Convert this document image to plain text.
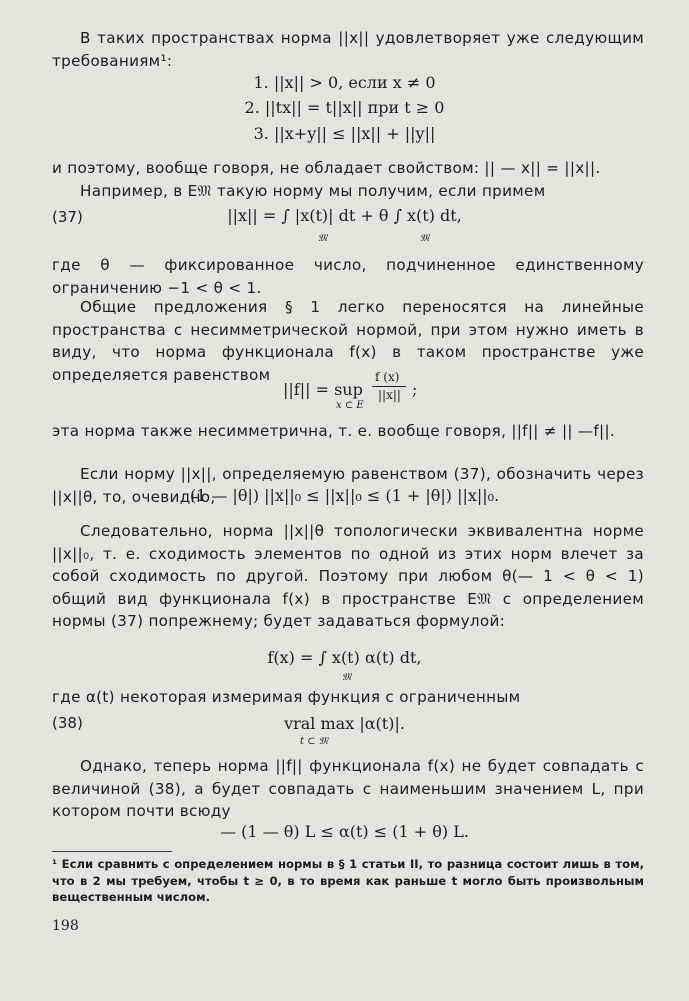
В таких пространствах норма ||x|| удовлетворяет уже следующим требованиям¹:

1. ||x|| > 0, если x ≠ 0
2. ||tx|| = t||x|| при t ≥ 0
3. ||x+y|| ≤ ||x|| + ||y||

и поэтому, вообще говоря, не обладает свойством: || — x|| = ||x||.

Например, в E𝔐 такую норму мы получим, если примем

(37)	||x|| = ∫ |x(t)| dt + θ ∫ x(t) dt,
𝔐	𝔐

где θ — фиксированное число, подчиненное единственному ограничению −1 < θ < 1.

Общие предложения § 1 легко переносятся на линейные пространства с несимметрической нормой, при этом нужно иметь в виду, что норма функционала f(x) в таком пространстве уже определяется равенством

||f|| = sup
x ⊂ E
f (x)
||x|| ;

эта норма также несимметрична, т. е. вообще говоря, ||f|| ≠ || —f||.

Если норму ||x||, определяемую равенством (37), обозначить через ||x||θ, то, очевидно,

(1 — |θ|) ||x||₀ ≤ ||x||₀ ≤ (1 + |θ|) ||x||₀.

Следовательно, норма ||x||θ топологически эквивалентна норме ||x||₀, т. е. сходимость элементов по одной из этих норм влечет за собой сходимость по другой. Поэтому при любом θ(— 1 < θ < 1) общий вид функционала f(x) в пространстве E𝔐 с определением нормы (37) попрежнему; будет задаваться формулой:

f(x) = ∫ x(t) α(t) dt,
𝔐

где α(t) некоторая измеримая функция с ограниченным

(38)	vral max |α(t)|.
t ⊂ 𝔐

Однако, теперь норма ||f|| функционала f(x) не будет совпадать с величиной (38), а будет совпадать с наименьшим значением L, при котором почти всюду

— (1 — θ) L ≤ α(t) ≤ (1 + θ) L.

¹ Если сравнить с определением нормы в § 1 статьи II, то разница состоит лишь в том, что в 2 мы требуем, чтобы t ≥ 0, в то время как раньше t могло быть произвольным вещественным числом.

198
